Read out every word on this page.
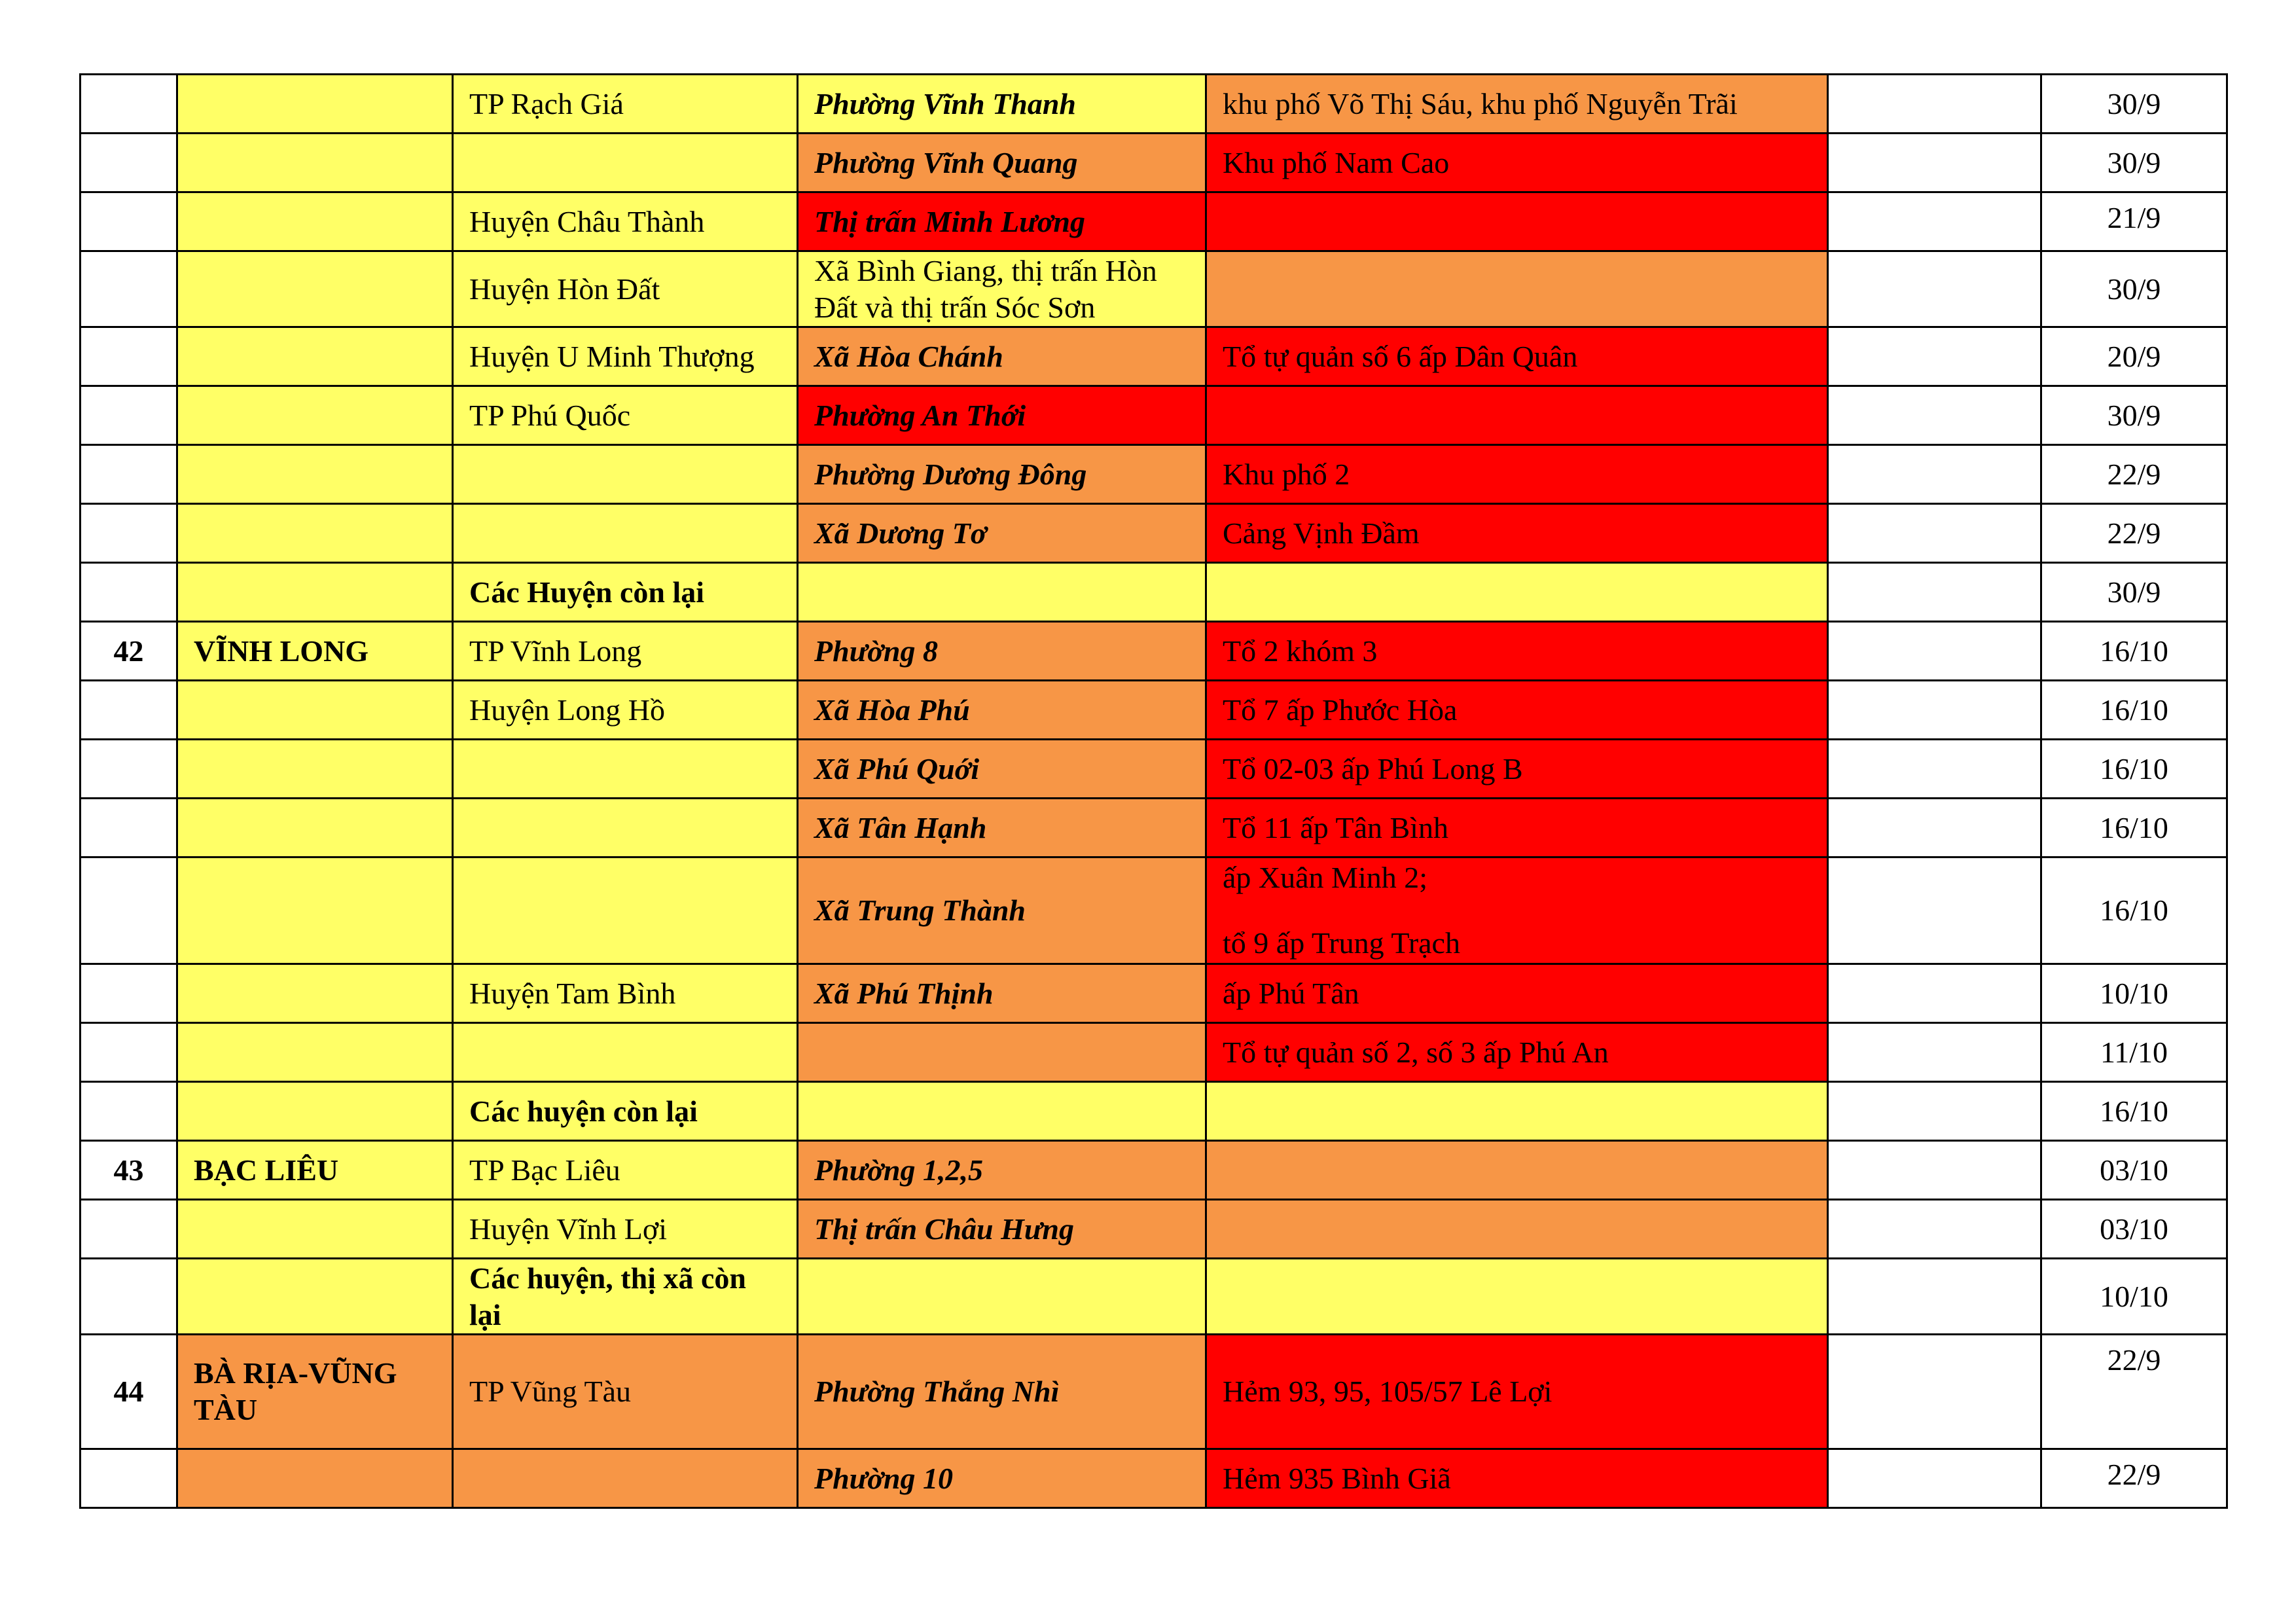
		TP Rạch Giá	Phường Vĩnh Thanh	khu phố Võ Thị Sáu, khu phố Nguyễn Trãi		30/9
			Phường Vĩnh Quang	Khu phố Nam Cao		30/9
		Huyện Châu Thành	Thị trấn Minh Lương			21/9
		Huyện Hòn Đất	Xã Bình Giang, thị trấn Hòn Đất và thị trấn Sóc Sơn			30/9
		Huyện U Minh Thượng	Xã Hòa Chánh	Tổ tự quản số 6 ấp Dân Quân		20/9
		TP Phú Quốc	Phường An Thới			30/9
			Phường Dương Đông	Khu phố 2		22/9
			Xã Dương Tơ	Cảng Vịnh Đầm		22/9
		Các Huyện còn lại				30/9
42	VĨNH LONG	TP Vĩnh Long	Phường 8	Tổ 2 khóm 3		16/10
		Huyện Long Hồ	Xã Hòa Phú	Tổ 7 ấp Phước Hòa		16/10
			Xã Phú Quới	Tổ 02-03 ấp Phú Long B		16/10
			Xã Tân Hạnh	Tổ 11 ấp Tân Bình		16/10
			Xã Trung Thành	ấp Xuân Minh 2;
tổ 9 ấp Trung Trạch		16/10
		Huyện Tam Bình	Xã Phú Thịnh	ấp Phú Tân		10/10
				Tổ tự quản số 2, số 3 ấp Phú An		11/10
		Các huyện còn lại				16/10
43	BẠC LIÊU	TP Bạc Liêu	Phường 1,2,5			03/10
		Huyện Vĩnh Lợi	Thị trấn Châu Hưng			03/10
		Các huyện, thị xã còn lại				10/10
44	BÀ RỊA-VŨNG TÀU	TP Vũng Tàu	Phường Thắng Nhì	Hẻm 93, 95, 105/57 Lê Lợi		22/9
			Phường 10	Hẻm 935 Bình Giã		22/9
